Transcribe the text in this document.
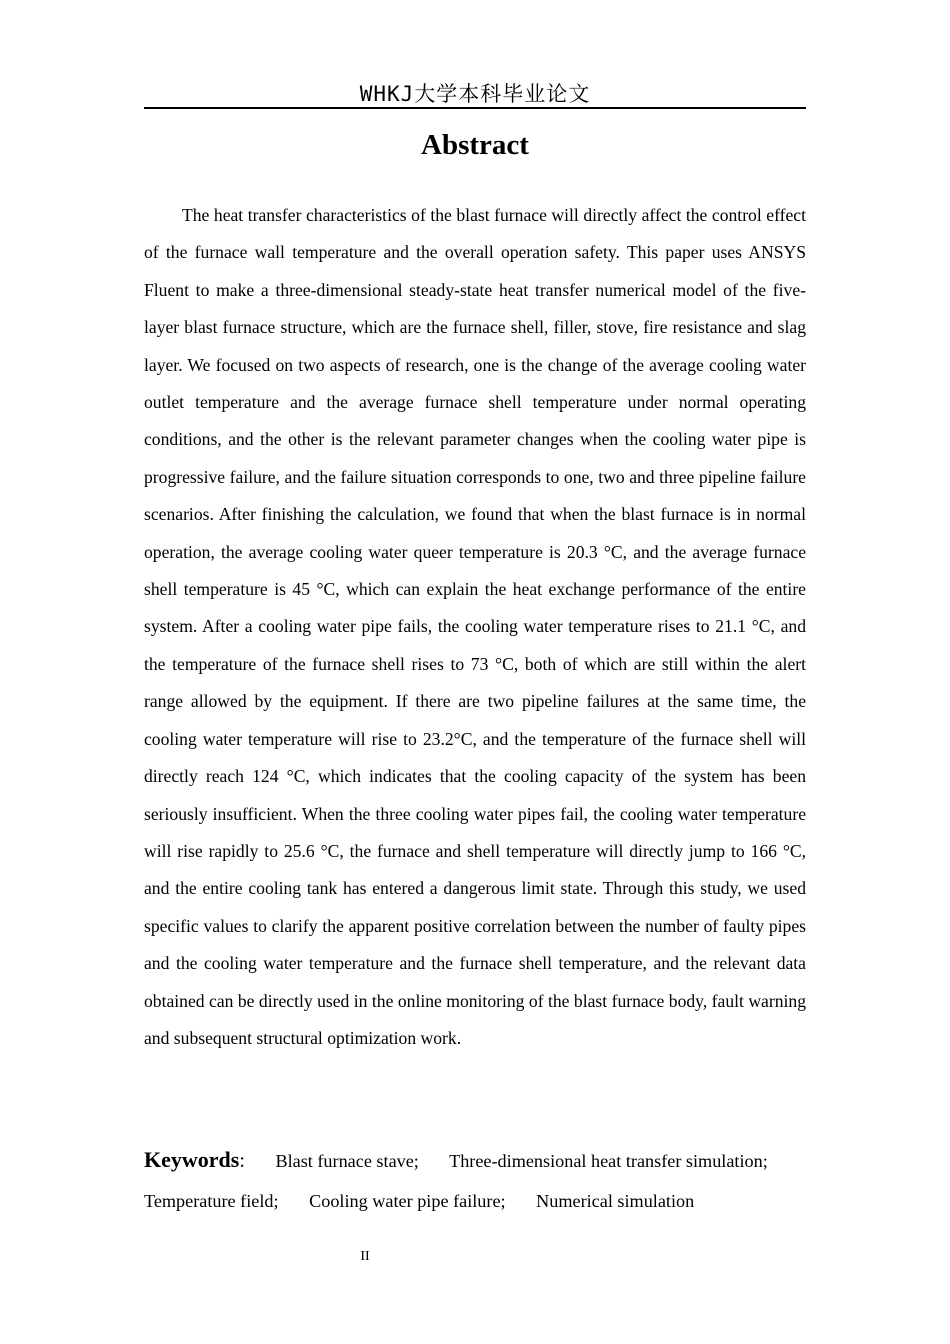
WHKJ大学本科毕业论文
Abstract

The heat transfer characteristics of the blast furnace will directly affect the control effect of the furnace wall temperature and the overall operation safety. This paper uses ANSYS Fluent to make a three-dimensional steady-state heat transfer numerical model of the five-layer blast furnace structure, which are the furnace shell, filler, stove, fire resistance and slag layer. We focused on two aspects of research, one is the change of the average cooling water outlet temperature and the average furnace shell temperature under normal operating conditions, and the other is the relevant parameter changes when the cooling water pipe is progressive failure, and the failure situation corresponds to one, two and three pipeline failure scenarios. After finishing the calculation, we found that when the blast furnace is in normal operation, the average cooling water queer temperature is 20.3 °C, and the average furnace shell temperature is 45 °C, which can explain the heat exchange performance of the entire system. After a cooling water pipe fails, the cooling water temperature rises to 21.1 °C, and the temperature of the furnace shell rises to 73 °C, both of which are still within the alert range allowed by the equipment. If there are two pipeline failures at the same time, the cooling water temperature will rise to 23.2°C, and the temperature of the furnace shell will directly reach 124 °C, which indicates that the cooling capacity of the system has been seriously insufficient. When the three cooling water pipes fail, the cooling water temperature will rise rapidly to 25.6 °C, the furnace and shell temperature will directly jump to 166 °C, and the entire cooling tank has entered a dangerous limit state. Through this study, we used specific values to clarify the apparent positive correlation between the number of faulty pipes and the cooling water temperature and the furnace shell temperature, and the relevant data obtained can be directly used in the online monitoring of the blast furnace body, fault warning and subsequent structural optimization work.

Keywords: Blast furnace stave; Three-dimensional heat transfer simulation; Temperature field; Cooling water pipe failure; Numerical simulation
II
